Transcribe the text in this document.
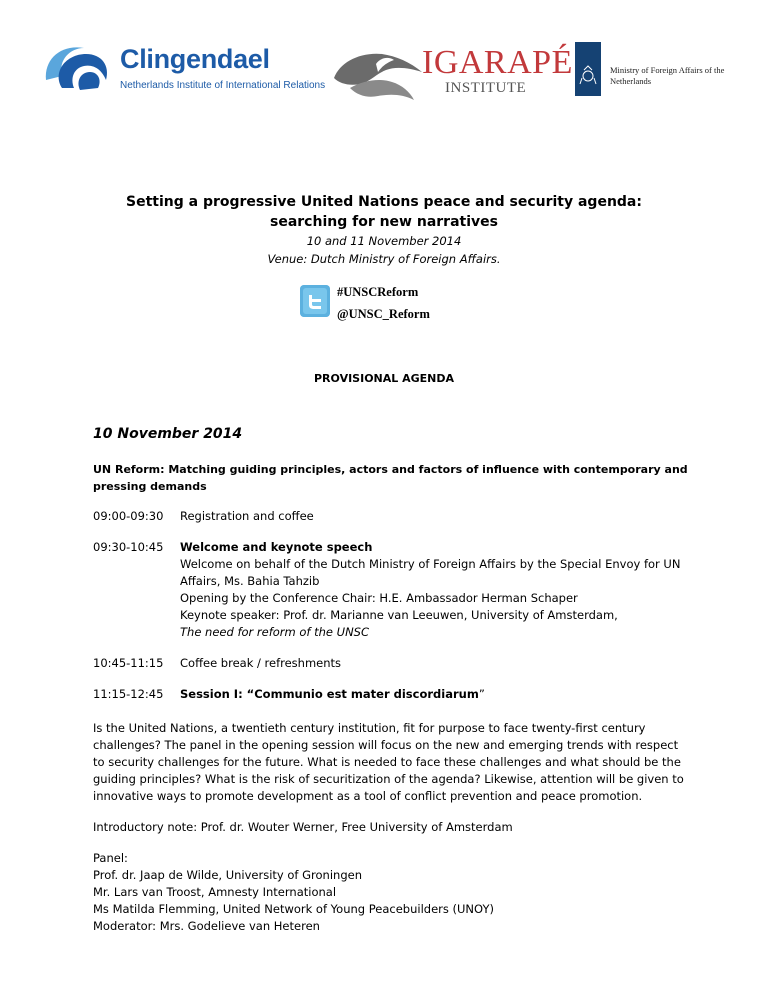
Clingendael
Netherlands Institute of International Relations
IGARAPÉ
INSTITUTE
Ministry of Foreign Affairs of the Netherlands
Setting a progressive United Nations peace and security agenda:
searching for new narratives
10 and 11 November 2014
Venue: Dutch Ministry of Foreign Affairs.
#UNSCReform
@UNSC_Reform
PROVISIONAL AGENDA
10 November 2014
UN Reform: Matching guiding principles, actors and factors of influence with contemporary and pressing demands
09:00-09:30	Registration and coffee
09:30-10:45	Welcome and keynote speech
Welcome on behalf of the Dutch Ministry of Foreign Affairs by the Special Envoy for UN Affairs, Ms. Bahia Tahzib
Opening by the Conference Chair: H.E. Ambassador Herman Schaper
Keynote speaker: Prof. dr. Marianne van Leeuwen, University of Amsterdam,
The need for reform of the UNSC
10:45-11:15	Coffee break / refreshments
11:15-12:45	Session I: “Communio est mater discordiarum”

Is the United Nations, a twentieth century institution, fit for purpose to face twenty-first century challenges? The panel in the opening session will focus on the new and emerging trends with respect to security challenges for the future. What is needed to face these challenges and what should be the guiding principles? What is the risk of securitization of the agenda? Likewise, attention will be given to innovative ways to promote development as a tool of conflict prevention and peace promotion.

Introductory note: Prof. dr. Wouter Werner, Free University of Amsterdam

Panel:
Prof. dr. Jaap de Wilde, University of Groningen
Mr. Lars van Troost, Amnesty International
Ms Matilda Flemming, United Network of Young Peacebuilders (UNOY)
Moderator: Mrs. Godelieve van Heteren
